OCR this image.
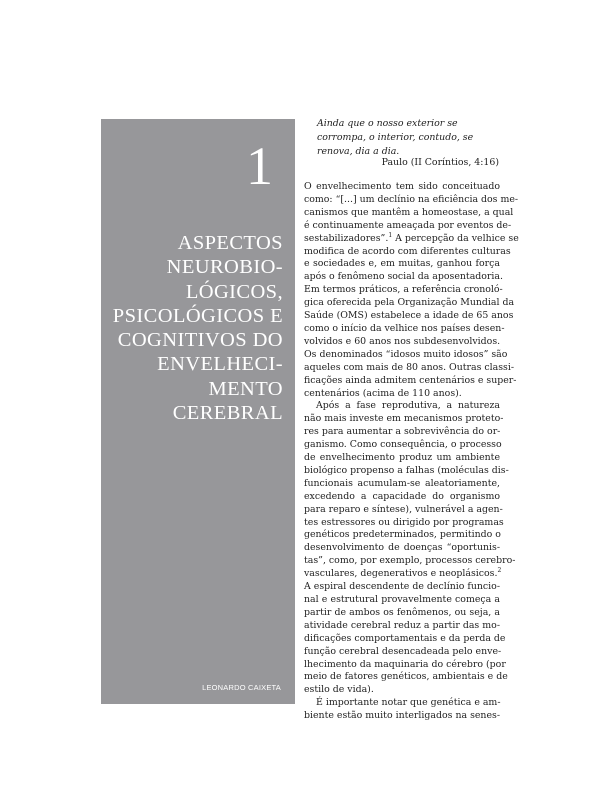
1
ASPECTOS
NEUROBIO-
LÓGICOS,
PSICOLÓGICOS E
COGNITIVOS DO
ENVELHECI-
MENTO
CEREBRAL
LEONARDO CAIXETA
Ainda que o nosso exterior se
corrompa, o interior, contudo, se
renova, dia a dia.
Paulo (II Coríntios, 4:16)
O envelhecimento tem sido conceituado
como: “[...] um declínio na eficiência dos me-
canismos que mantêm a homeostase, a qual
é continuamente ameaçada por eventos de-
sestabilizadores”.$^1$ A percepção da velhice se
modifica de acordo com diferentes culturas
e sociedades e, em muitas, ganhou força
após o fenômeno social da aposentadoria.
Em termos práticos, a referência cronoló-
gica oferecida pela Organização Mundial da
Saúde (OMS) estabelece a idade de 65 anos
como o início da velhice nos países desen-
volvidos e 60 anos nos subdesenvolvidos.
Os denominados “idosos muito idosos” são
aqueles com mais de 80 anos. Outras classi-
ficações ainda admitem centenários e super-
centenários (acima de 110 anos).
Após a fase reprodutiva, a natureza
não mais investe em mecanismos protetо-
res para aumentar a sobrevivência do or-
ganismo. Como consequência, o processo
de envelhecimento produz um ambiente
biológico propenso a falhas (moléculas dis-
funcionais acumulam-se aleatoriamente,
excedendo a capacidade do organismo
para reparo e síntese), vulnerável a agen-
tes estressores ou dirigido por programas
genéticos predeterminados, permitindo o
desenvolvimento de doenças “oportunis-
tas”, como, por exemplo, processos cerebro-
vasculares, degenerativos e neoplásicos.$^2$
A espiral descendente de declínio funcio-
nal e estrutural provavelmente começa a
partir de ambos os fenômenos, ou seja, a
atividade cerebral reduz a partir das mo-
dificações comportamentais e da perda de
função cerebral desencadeada pelo enve-
lhecimento da maquinaria do cérebro (por
meio de fatores genéticos, ambientais e de
estilo de vida).
É importante notar que genética e am-
biente estão muito interligados na senes-
